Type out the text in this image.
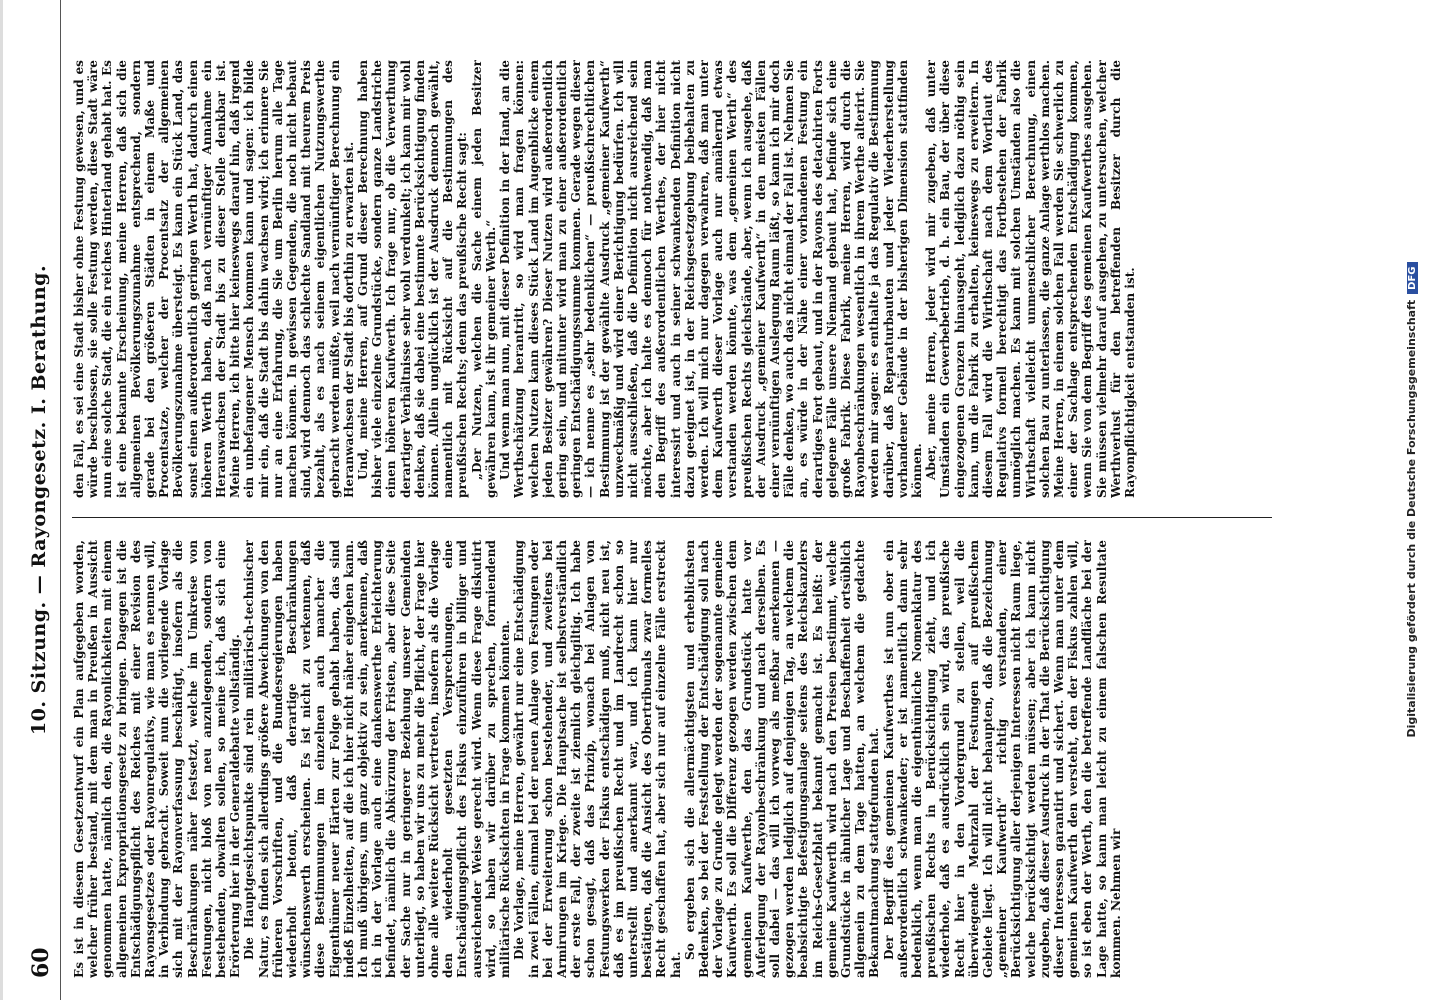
60
10. Sitzung. — Rayongesetz. I. Berathung.

Es ist in diesem Gesetzentwurf ein Plan aufgegeben worden, welcher früher bestand, mit dem man in Preußen in Aussicht genommen hatte, nämlich den, die Rayonlichkeiten mit einem allgemeinen Expropriationsgesetz zu bringen. Dagegen ist die Entschädigungspflicht des Reiches mit einer Revision des Rayonsgesetzes oder Rayonregulativs, wie man es nennen will, in Verbindung gebracht. Soweit nun die vorliegende Vorlage sich mit der Rayonverfassung beschäftigt, insofern als die Beschränkungen näher festsetzt, welche im Umkreise von Festungen, nicht bloß von neu anzulegenden, sondern von bestehenden, obwalten sollen, so meine ich, daß sich eine Erörterung hier in der Generaldebatte vollständig. Die Hauptgesichtspunkte sind rein militärisch-technischer Natur, es finden sich allerdings größere Abweichungen von den früheren Vorschriften, und die Bundesregierungen haben wiederholt betont, daß derartige Beschränkungen wünschenswerth erscheinen. Es ist nicht zu verkennen, daß diese Bestimmungen im einzelnen auch mancher die Eigenthümer neuer Härten zur Folge gehabt haben, das sind indeß Einzelheiten, auf die ich hier nicht näher eingehen kann. Ich muß übrigens, um ganz objektiv zu sein, anerkennen, daß ich in der Vorlage auch eine dankenswerthe Erleichterung befindet, nämlich die Abkürzung der Fristen, aber diese Seite der Sache nur in geringerer Beziehung unserer Gemeinden unterliegt, so haben wir uns zu mehr die Pflicht, der Frage hier ohne alle weitere Rücksicht vertreten, insofern als die Vorlage den wiederholt gesetzten Versprechungen, eine Entschädigungspflicht des Fiskus einzuführen in billiger und ausreichender Weise gerecht wird. Wenn diese Frage diskutirt wird, so haben wir darüber zu sprechen, formiendend militärische Rücksichten in Frage kommen könnten. Die Vorlage, meine Herren, gewährt nur eine Entschädigung in zwei Fällen, einmal bei der neuen Anlage von Festungen oder bei der Erweiterung schon bestehender, und zweitens bei Armirungen im Kriege. Die Hauptsache ist selbstverständlich der erste Fall, der zweite ist ziemlich gleichgiltig. Ich habe schon gesagt, daß das Prinzip, wonach bei Anlagen von Festungswerken der Fiskus entschädigen muß, nicht neu ist, daß es im preußischen Recht und im Landrecht schon so unterstellt und anerkannt war, und ich kann hier nur bestätigen, daß die Ansicht des Obertribunals zwar formelles Recht geschaffen hat, aber sich nur auf einzelne Fälle erstreckt hat.

So ergeben sich die allermächtigsten und erheblichsten Bedenken, so bei der Feststellung der Entschädigung soll nach der Vorlage zu Grunde gelegt werden der sogenannte gemeine Kaufwerth. Es soll die Differenz gezogen werden zwischen dem gemeinen Kaufwerthe, den das Grundstück hatte vor Auferlegung der Rayonbeschränkung und nach derselben. Es soll dabei — das will ich vorweg als meßbar anerkennen — gezogen werden lediglich auf denjenigen Tag, an welchem die beabsichtigte Befestigungsanlage seitens des Reichskanzlers im Reichs-Gesetzblatt bekannt gemacht ist. Es heißt: der gemeine Kaufwerth wird nach den Preisen bestimmt, welche Grundstücke in ähnlicher Lage und Beschaffenheit ortsüblich allgemein zu dem Tage hatten, an welchem die gedachte Bekanntmachung stattgefunden hat. Der Begriff des gemeinen Kaufwerthes ist nun ober ein außerordentlich schwankender; er ist namentlich dann sehr bedenklich, wenn man die eigenthümliche Nomenklatur des preußischen Rechts in Berücksichtigung zieht, und ich wiederhole, daß es ausdrücklich sein wird, das preußische Recht hier in den Vordergrund zu stellen, weil die überwiegende Mehrzahl der Festungen auf preußischem Gebiete liegt. Ich will nicht behaupten, daß die Bezeichnung „gemeiner Kaufwerth“ richtig verstanden, einer Berücksichtigung aller derjenigen Interessen nicht Raum liege, welche berücksichtigt werden müssen; aber ich kann nicht zugeben, daß dieser Ausdruck in der That die Berücksichtigung dieser Interessen garantirt und sichert. Wenn man unter dem gemeinen Kaufwerth den versteht, den der Fiskus zahlen will, so ist eben der Werth, den die betreffende Landfläche bei der Lage hatte, so kann man leicht zu einem falschen Resultate kommen. Nehmen wir

den Fall, es sei eine Stadt bisher ohne Festung gewesen, und es würde beschlossen, sie solle Festung werden, diese Stadt wäre nun eine solche Stadt, die ein reiches Hinterland gehabt hat. Es ist eine bekannte Erscheinung, meine Herren, daß sich die allgemeinen Bevölkerungszunahme entsprechend, sondern gerade bei den größeren Städten in einem Maße und Procentsatze, welcher der Procentsatz der allgemeinen Bevölkerungszunahme übersteigt. Es kann ein Stück Land, das sonst einen außerordentlich geringen Werth hat, dadurch einen höheren Werth haben, daß nach vernünftiger Annahme ein Herauswachsen der Stadt bis zu dieser Stelle denkbar ist. Meine Herren, ich bitte hier keineswegs darauf hin, daß irgend ein unbefangener Mensch kommen kann und sagen: ich bilde mir ein, daß die Stadt bis dahin wachsen wird; ich erinnere Sie nur an eine Erfahrung, die Sie um Berlin herum alle Tage machen können. In gewissen Gegenden, die noch nicht bebaut sind, wird dennoch das schlechte Sandland mit theurem Preis bezahlt, als es nach seinem eigentlichen Nutzungswerthe gebracht werden müßte, weil nach vernünftiger Berechnung ein Heranwachsen der Stadt bis dorthin zu erwarten ist. Und, meine Herren, auf Grund dieser Berechnung haben bisher viele einzelne Grundstücke, sondern ganze Landstriche einen höheren Kaufwerth. Ich frage nur, ob die Verwerthung derartiger Verhältnisse sehr wohl verdunkelt; ich kann mir wohl denken, daß sie dabei eine bestimmte Berücksichtigung finden können. Allein unglücklich ist der Ausdruck dennoch gewählt, namentlich mit Rücksicht auf die Bestimmungen des preußischen Rechts; denn das preußische Recht sagt: „Der Nutzen, welchen die Sache einem jeden Besitzer gewähren kann, ist ihr gemeiner Werth.“ Und wenn man nun, mit dieser Definition in der Hand, an die Werthschätzung herantritt, so wird man fragen können: welchen Nutzen kann dieses Stück Land im Augenblicke einem jeden Besitzer gewähren? Dieser Nutzen wird außerordentlich gering sein, und mitunter wird man zu einer außerordentlich geringen Entschädigungssumme kommen. Gerade wegen dieser — ich nenne es „sehr bedenklichen“ — preußischrechtlichen Bestimmung ist der gewählte Ausdruck „gemeiner Kaufwerth“ unzweckmäßig und wird einer Berichtigung bedürfen. Ich will nicht ausschließen, daß die Definition nicht ausreichend sein möchte, aber ich halte es dennoch für nothwendig, daß man den Begriff des außerordentlichen Werthes, der hier nicht interessirt und auch in seiner schwankenden Definition nicht dazu geeignet ist, in der Reichsgesetzgebung beibehalten zu werden. Ich will mich nur dagegen verwahren, daß man unter dem Kaufwerth dieser Vorlage auch nur annähernd etwas verstanden werden könnte, was dem „gemeinen Werth“ des preußischen Rechts gleichstände, aber, wenn ich ausgehe, daß der Ausdruck „gemeiner Kaufwerth“ in den meisten Fällen einer vernünftigen Auslegung Raum läßt, so kann ich mir doch Fälle denken, wo auch das nicht einmal der Fall ist. Nehmen Sie an, es würde in der Nähe einer vorhandenen Festung ein derartiges Fort gebaut, und in der Rayons des detachirten Forts gelegene Fälle unsere Niemand gebaut hat, befinde sich eine große Fabrik. Diese Fabrik, meine Herren, wird durch die Rayonbeschränkungen wesentlich in ihrem Werthe alterirt. Sie werden mir sagen: es enthalte ja das Regulativ die Bestimmung darüber, daß Reparaturbauten und jeder Wiederherstellung vorhandener Gebäude in der bisherigen Dimension stattfinden können. Aber, meine Herren, jeder wird mir zugeben, daß unter Umständen ein Gewerbebetrieb, d. h. ein Bau, der über diese eingezogenen Grenzen hinausgeht, lediglich dazu nöthig sein kann, um die Fabrik zu erhalten, keineswegs zu erweitern. In diesem Fall wird die Wirthschaft nach dem Wortlaut des Regulativs formell berechtigt das Fortbestehen der Fabrik unmöglich machen. Es kann mit solchen Umständen also die Wirthschaft vielleicht unmenschlicher Berechnung, einen solchen Bau zu unterlassen, die ganze Anlage werthlos machen. Meine Herren, in einem solchen Fall werden Sie schwerlich zu einer der Sachlage entsprechenden Entschädigung kommen, wenn Sie von dem Begriff des gemeinen Kaufwerthes ausgehen. Sie müssen vielmehr darauf ausgehen, zu untersuchen, welcher Werthverlust für den betreffenden Besitzer durch die Rayonpflichtigkeit entstanden ist.	Digitalisierung gefördert durch die Deutsche ForschungsgemeinschaftDFG
